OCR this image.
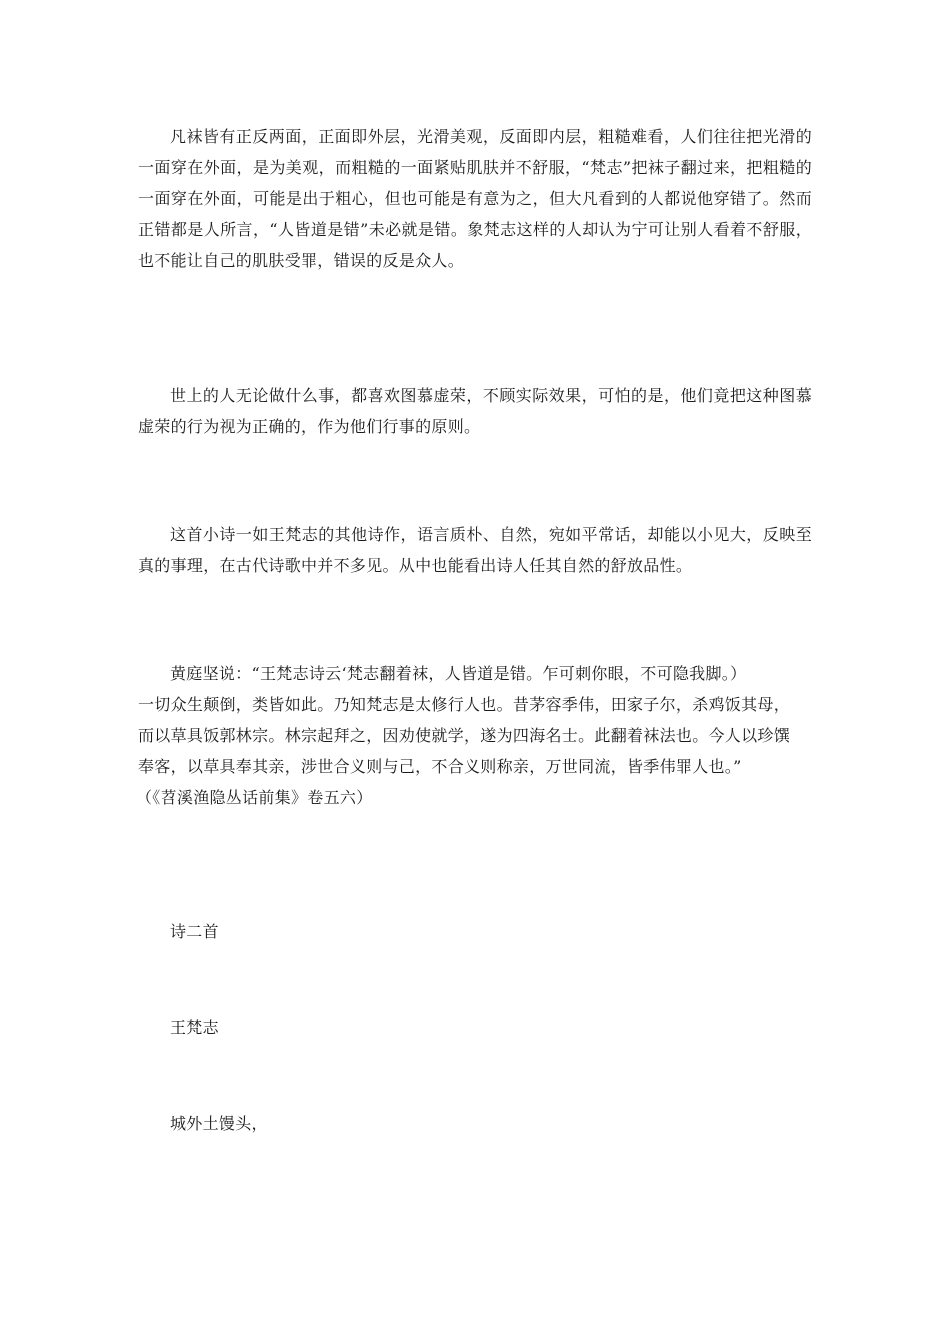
凡袜皆有正反两面，正面即外层，光滑美观，反面即内层，粗糙难看，人们往往把光滑的一面穿在外面，是为美观，而粗糙的一面紧贴肌肤并不舒服，“梵志”把袜子翻过来，把粗糙的一面穿在外面，可能是出于粗心，但也可能是有意为之，但大凡看到的人都说他穿错了。然而正错都是人所言，“人皆道是错”未必就是错。象梵志这样的人却认为宁可让别人看着不舒服，也不能让自己的肌肤受罪，错误的反是众人。

世上的人无论做什么事，都喜欢图慕虚荣，不顾实际效果，可怕的是，他们竟把这种图慕虚荣的行为视为正确的，作为他们行事的原则。

这首小诗一如王梵志的其他诗作，语言质朴、自然，宛如平常话，却能以小见大，反映至真的事理，在古代诗歌中并不多见。从中也能看出诗人任其自然的舒放品性。

黄庭坚说：“王梵志诗云‘梵志翻着袜，人皆道是错。乍可刺你眼，不可隐我脚。）

一切众生颠倒，类皆如此。乃知梵志是太修行人也。昔茅容季伟，田家子尔，杀鸡饭其母，

而以草具饭郭林宗。林宗起拜之，因劝使就学，遂为四海名士。此翻着袜法也。今人以珍馔

奉客，以草具奉其亲，涉世合义则与己，不合义则称亲，万世同流，皆季伟罪人也。”

（《苕溪渔隐丛话前集》卷五六）

诗二首

王梵志

城外土馒头，
